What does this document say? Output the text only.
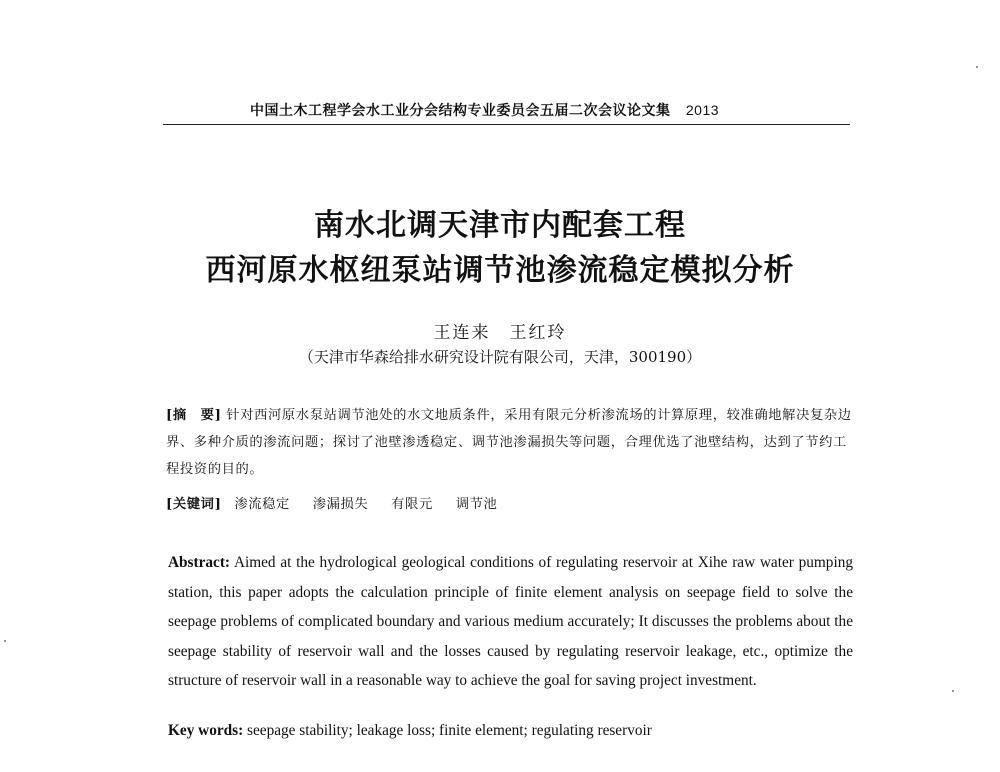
中国土木工程学会水工业分会结构专业委员会五届二次会议论文集 2013
南水北调天津市内配套工程
西河原水枢纽泵站调节池渗流稳定模拟分析
王连来　王红玲
（天津市华森给排水研究设计院有限公司，天津，300190）
[摘　要] 针对西河原水泵站调节池处的水文地质条件，采用有限元分析渗流场的计算原理，较准确地解决复杂边界、多种介质的渗流问题；探讨了池壁渗透稳定、调节池渗漏损失等问题，合理优选了池壁结构，达到了节约工程投资的目的。
[关键词] 渗流稳定 渗漏损失 有限元 调节池
Abstract: Aimed at the hydrological geological conditions of regulating reservoir at Xihe raw water pumping station, this paper adopts the calculation principle of finite element analysis on seepage field to solve the seepage problems of complicated boundary and various medium accurately; It discusses the problems about the seepage stability of reservoir wall and the losses caused by regulating reservoir leakage, etc., optimize the structure of reservoir wall in a reasonable way to achieve the goal for saving project investment.
Key words: seepage stability; leakage loss; finite element; regulating reservoir
